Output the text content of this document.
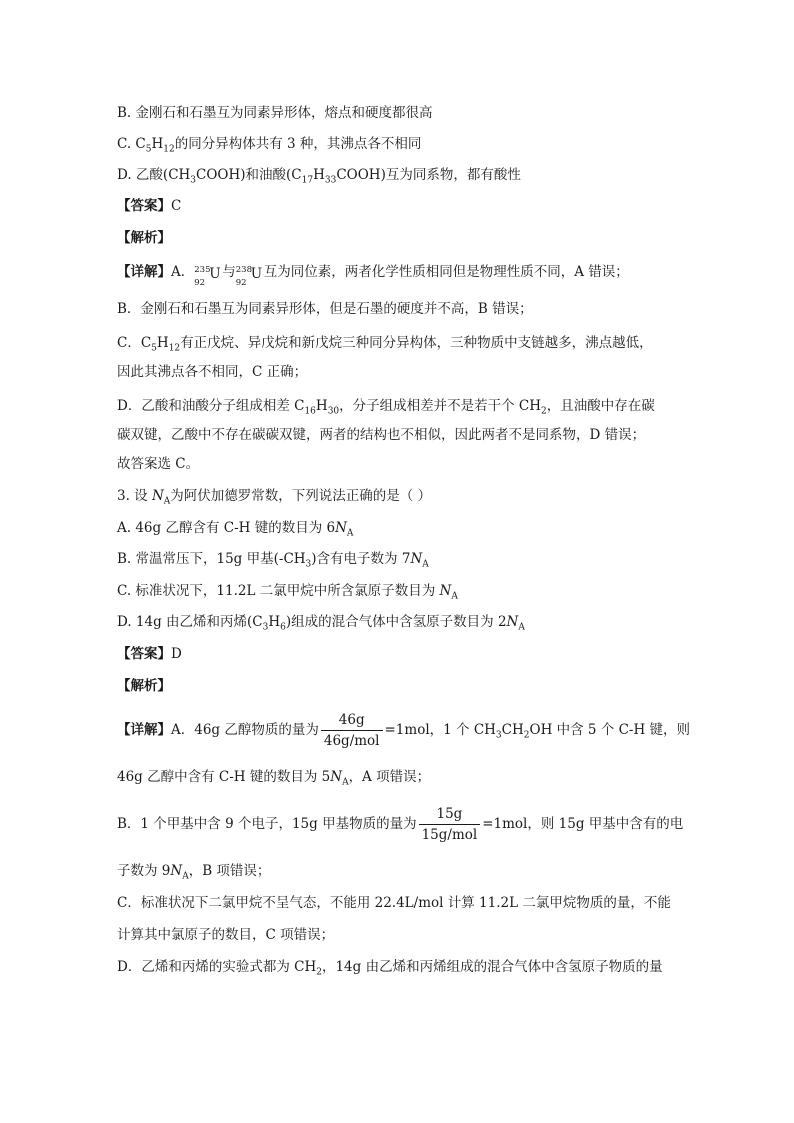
B. 金刚石和石墨互为同素异形体，熔点和硬度都很高
C. $C_5H_{12}$的同分异构体共有 3 种，其沸点各不相同
D. 乙酸$(CH_3COOH)$和油酸$(C_{17}H_{33}COOH)$互为同系物，都有酸性
【答案】C
【解析】
【详解】A． 235
92
U 与 238
92
U 互为同位素，两者化学性质相同但是物理性质不同，A 错误；
B．金刚石和石墨互为同素异形体，但是石墨的硬度并不高，B 错误；
C．$C_5H_{12}$有正戊烷、异戊烷和新戊烷三种同分异构体，三种物质中支链越多，沸点越低，
因此其沸点各不相同，C 正确；
D．乙酸和油酸分子组成相差 $C_{16}H_{30}$，分子组成相差并不是若干个 $CH_2$，且油酸中存在碳
碳双键，乙酸中不存在碳碳双键，两者的结构也不相似，因此两者不是同系物，D 错误；
故答案选 C。
3. 设 $N_A$为阿伏加德罗常数，下列说法正确的是（ ）
A. 46g 乙醇含有 C-H 键的数目为 $6N_A$
B. 常温常压下，15g 甲基$(-CH_3)$含有电子数为 $7N_A$
C. 标准状况下，11.2L 二氯甲烷中所含氯原子数目为 $N_A$
D. 14g 由乙烯和丙烯$(C_3H_6)$组成的混合气体中含氢原子数目为 $2N_A$
【答案】D
【解析】
【详解】A．46g 乙醇物质的量为 $\frac{46g}{\text{46g/mol}} =1mol$，1 个 $CH_3CH_2OH$ 中含 5 个 C-H 键，则
46g 乙醇中含有 C-H 键的数目为 $5N_A$，A 项错误；
B．1 个甲基中含 9 个电子，15g 甲基物质的量为 $\frac{15g}{\text{15g/mol}} =1mol$，则 15g 甲基中含有的电
子数为 $9N_A$，B 项错误；
C．标准状况下二氯甲烷不呈气态，不能用 22.4L/mol 计算 11.2L 二氯甲烷物质的量，不能
计算其中氯原子的数目，C 项错误；
D．乙烯和丙烯的实验式都为 $CH_2$，14g 由乙烯和丙烯组成的混合气体中含氢原子物质的量
